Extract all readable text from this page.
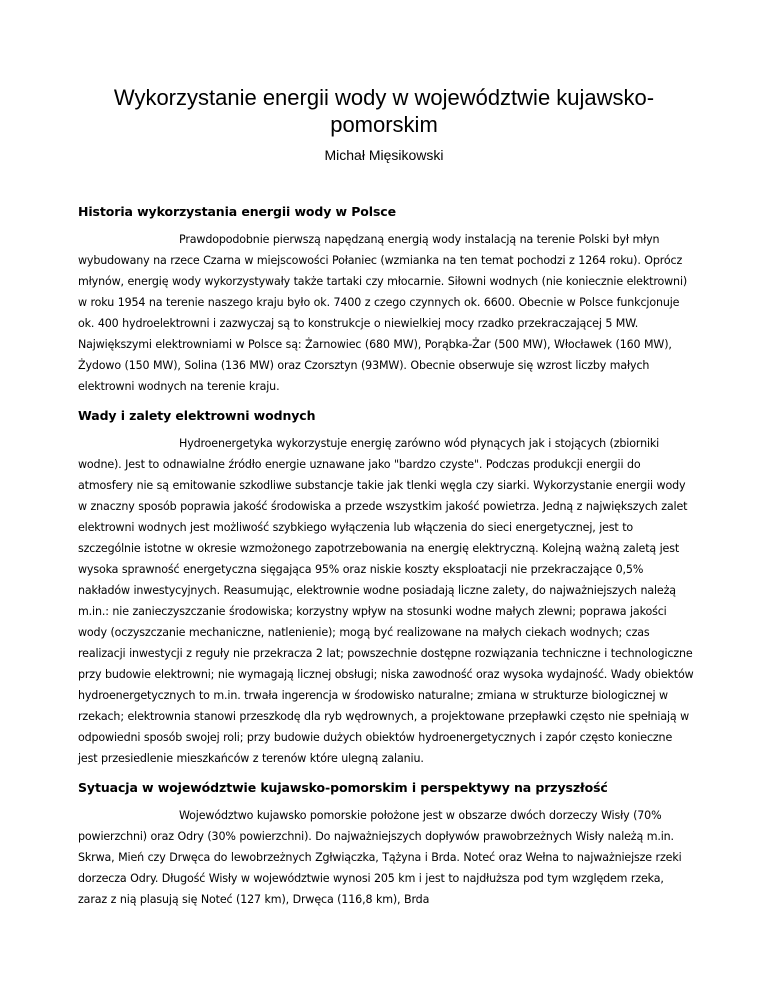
Wykorzystanie energii wody w województwie kujawsko-pomorskim

Michał Mięsikowski

Historia wykorzystania energii wody w Polsce

Prawdopodobnie pierwszą napędzaną energią wody instalacją na terenie Polski był młyn wybudowany na rzece Czarna w miejscowości Połaniec (wzmianka na ten temat pochodzi z 1264 roku). Oprócz młynów, energię wody wykorzystywały także tartaki czy młocarnie. Siłowni wodnych (nie koniecznie elektrowni) w roku 1954 na terenie naszego kraju było ok. 7400 z czego czynnych ok. 6600. Obecnie w Polsce funkcjonuje ok. 400 hydroelektrowni i zazwyczaj są to konstrukcje o niewielkiej mocy rzadko przekraczającej 5 MW. Największymi elektrowniami w Polsce są: Żarnowiec (680 MW), Porąbka-Żar (500 MW), Włocławek (160 MW), Żydowo (150 MW), Solina (136 MW) oraz Czorsztyn (93MW). Obecnie obserwuje się wzrost liczby małych elektrowni wodnych na terenie kraju.

Wady i zalety elektrowni wodnych

Hydroenergetyka wykorzystuje energię zarówno wód płynących jak i stojących (zbiorniki wodne). Jest to odnawialne źródło energie uznawane jako "bardzo czyste". Podczas produkcji energii do atmosfery nie są emitowanie szkodliwe substancje takie jak tlenki węgla czy siarki. Wykorzystanie energii wody w znaczny sposób poprawia jakość środowiska a przede wszystkim jakość powietrza. Jedną z największych zalet elektrowni wodnych jest możliwość szybkiego wyłączenia lub włączenia do sieci energetycznej, jest to szczególnie istotne w okresie wzmożonego zapotrzebowania na energię elektryczną. Kolejną ważną zaletą jest wysoka sprawność energetyczna sięgająca 95% oraz niskie koszty eksploatacji nie przekraczające 0,5% nakładów inwestycyjnych. Reasumując, elektrownie wodne posiadają liczne zalety, do najważniejszych należą m.in.: nie zanieczyszczanie środowiska; korzystny wpływ na stosunki wodne małych zlewni; poprawa jakości wody (oczyszczanie mechaniczne, natlenienie); mogą być realizowane na małych ciekach wodnych; czas realizacji inwestycji z reguły nie przekracza 2 lat; powszechnie dostępne rozwiązania techniczne i technologiczne przy budowie elektrowni; nie wymagają licznej obsługi; niska zawodność oraz wysoka wydajność. Wady obiektów hydroenergetycznych to m.in. trwała ingerencja w środowisko naturalne; zmiana w strukturze biologicznej w rzekach; elektrownia stanowi przeszkodę dla ryb wędrownych, a projektowane przepławki często nie spełniają w odpowiedni sposób swojej roli; przy budowie dużych obiektów hydroenergetycznych i zapór często konieczne jest przesiedlenie mieszkańców z terenów które ulegną zalaniu.

Sytuacja w województwie kujawsko-pomorskim i perspektywy na przyszłość

Województwo kujawsko pomorskie położone jest w obszarze dwóch dorzeczy Wisły (70% powierzchni) oraz Odry (30% powierzchni). Do najważniejszych dopływów prawobrzeżnych Wisły należą m.in. Skrwa, Mień czy Drwęca do lewobrzeżnych Zgłwiączka, Tążyna i Brda. Noteć oraz Wełna to najważniejsze rzeki dorzecza Odry. Długość Wisły w województwie wynosi 205 km i jest to najdłuższa pod tym względem rzeka, zaraz z nią plasują się Noteć (127 km), Drwęca (116,8 km), Brda
